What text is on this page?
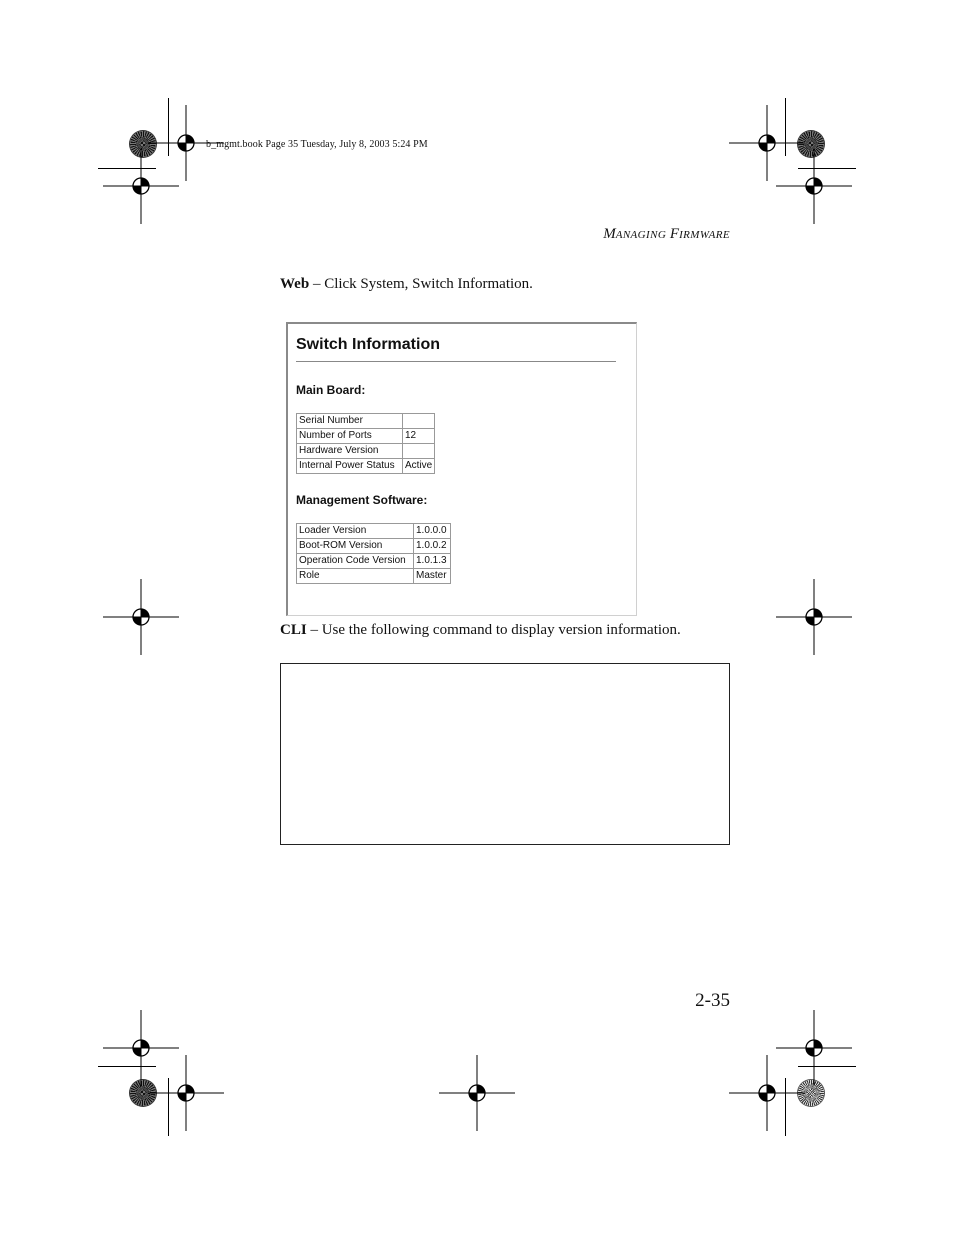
b_mgmt.book Page 35 Tuesday, July 8, 2003 5:24 PM
MANAGING FIRMWARE
Web – Click System, Switch Information.
Switch Information
Main Board:
Serial Number	
Number of Ports	12
Hardware Version	
Internal Power Status	Active
Management Software:
Loader Version	1.0.0.0
Boot-ROM Version	1.0.0.2
Operation Code Version	1.0.1.3
Role	Master
CLI – Use the following command to display version information.
2-35
